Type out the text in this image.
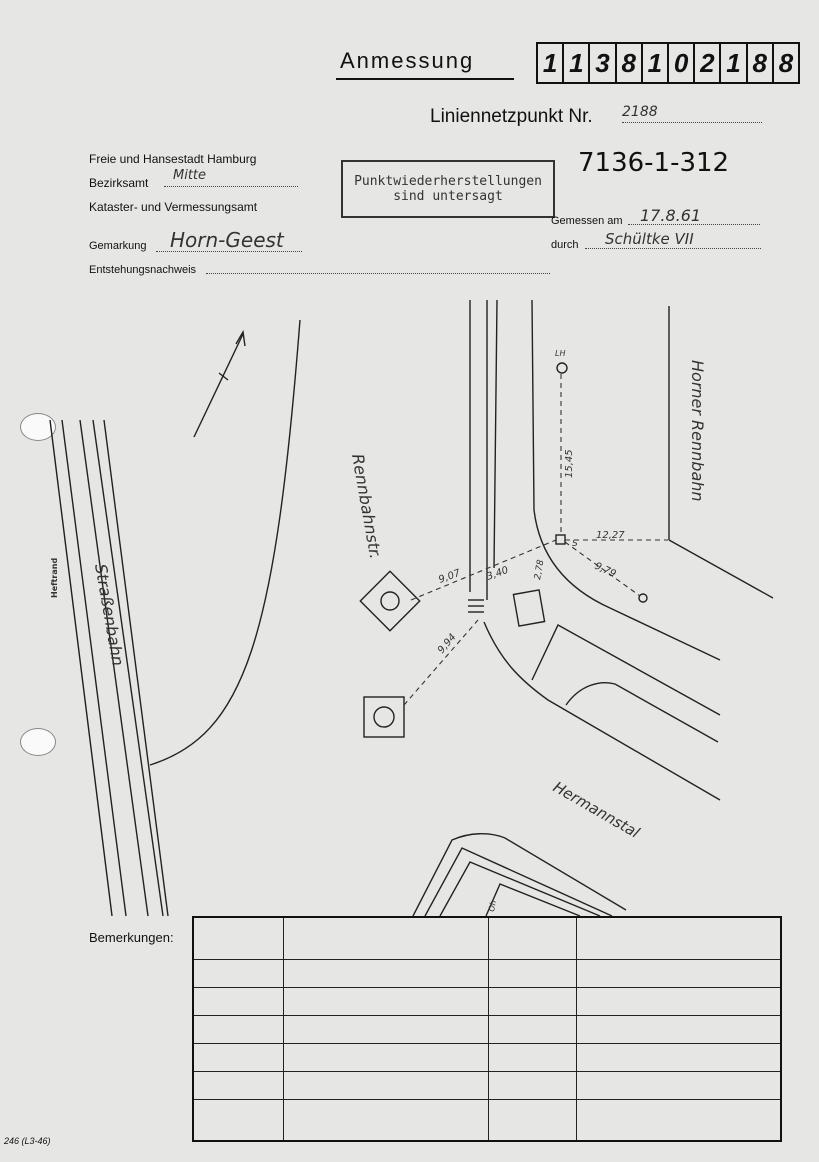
Anmessung	1 1 3 8 1 0 2 1 8 8
Liniennetzpunkt Nr. 2188
7136-1-312
Freie und Hansestadt Hamburg
Bezirksamt Mitte
Kataster- und Vermessungsamt
Gemarkung Horn-Geest
Entstehungsnachweis
Punktwiederherstellungen
sind untersagt
Gemessen am 17.8.61
durch Schültke VII
Horner Rennbahn
Rennbahnstr.
Straßenbahn
Hermannstal
Heftrand
LH
15,45
12,27
9,79
9,07 3,40	2,78
9,94
S
Oh
Bemerkungen:

246 (L3-46)
